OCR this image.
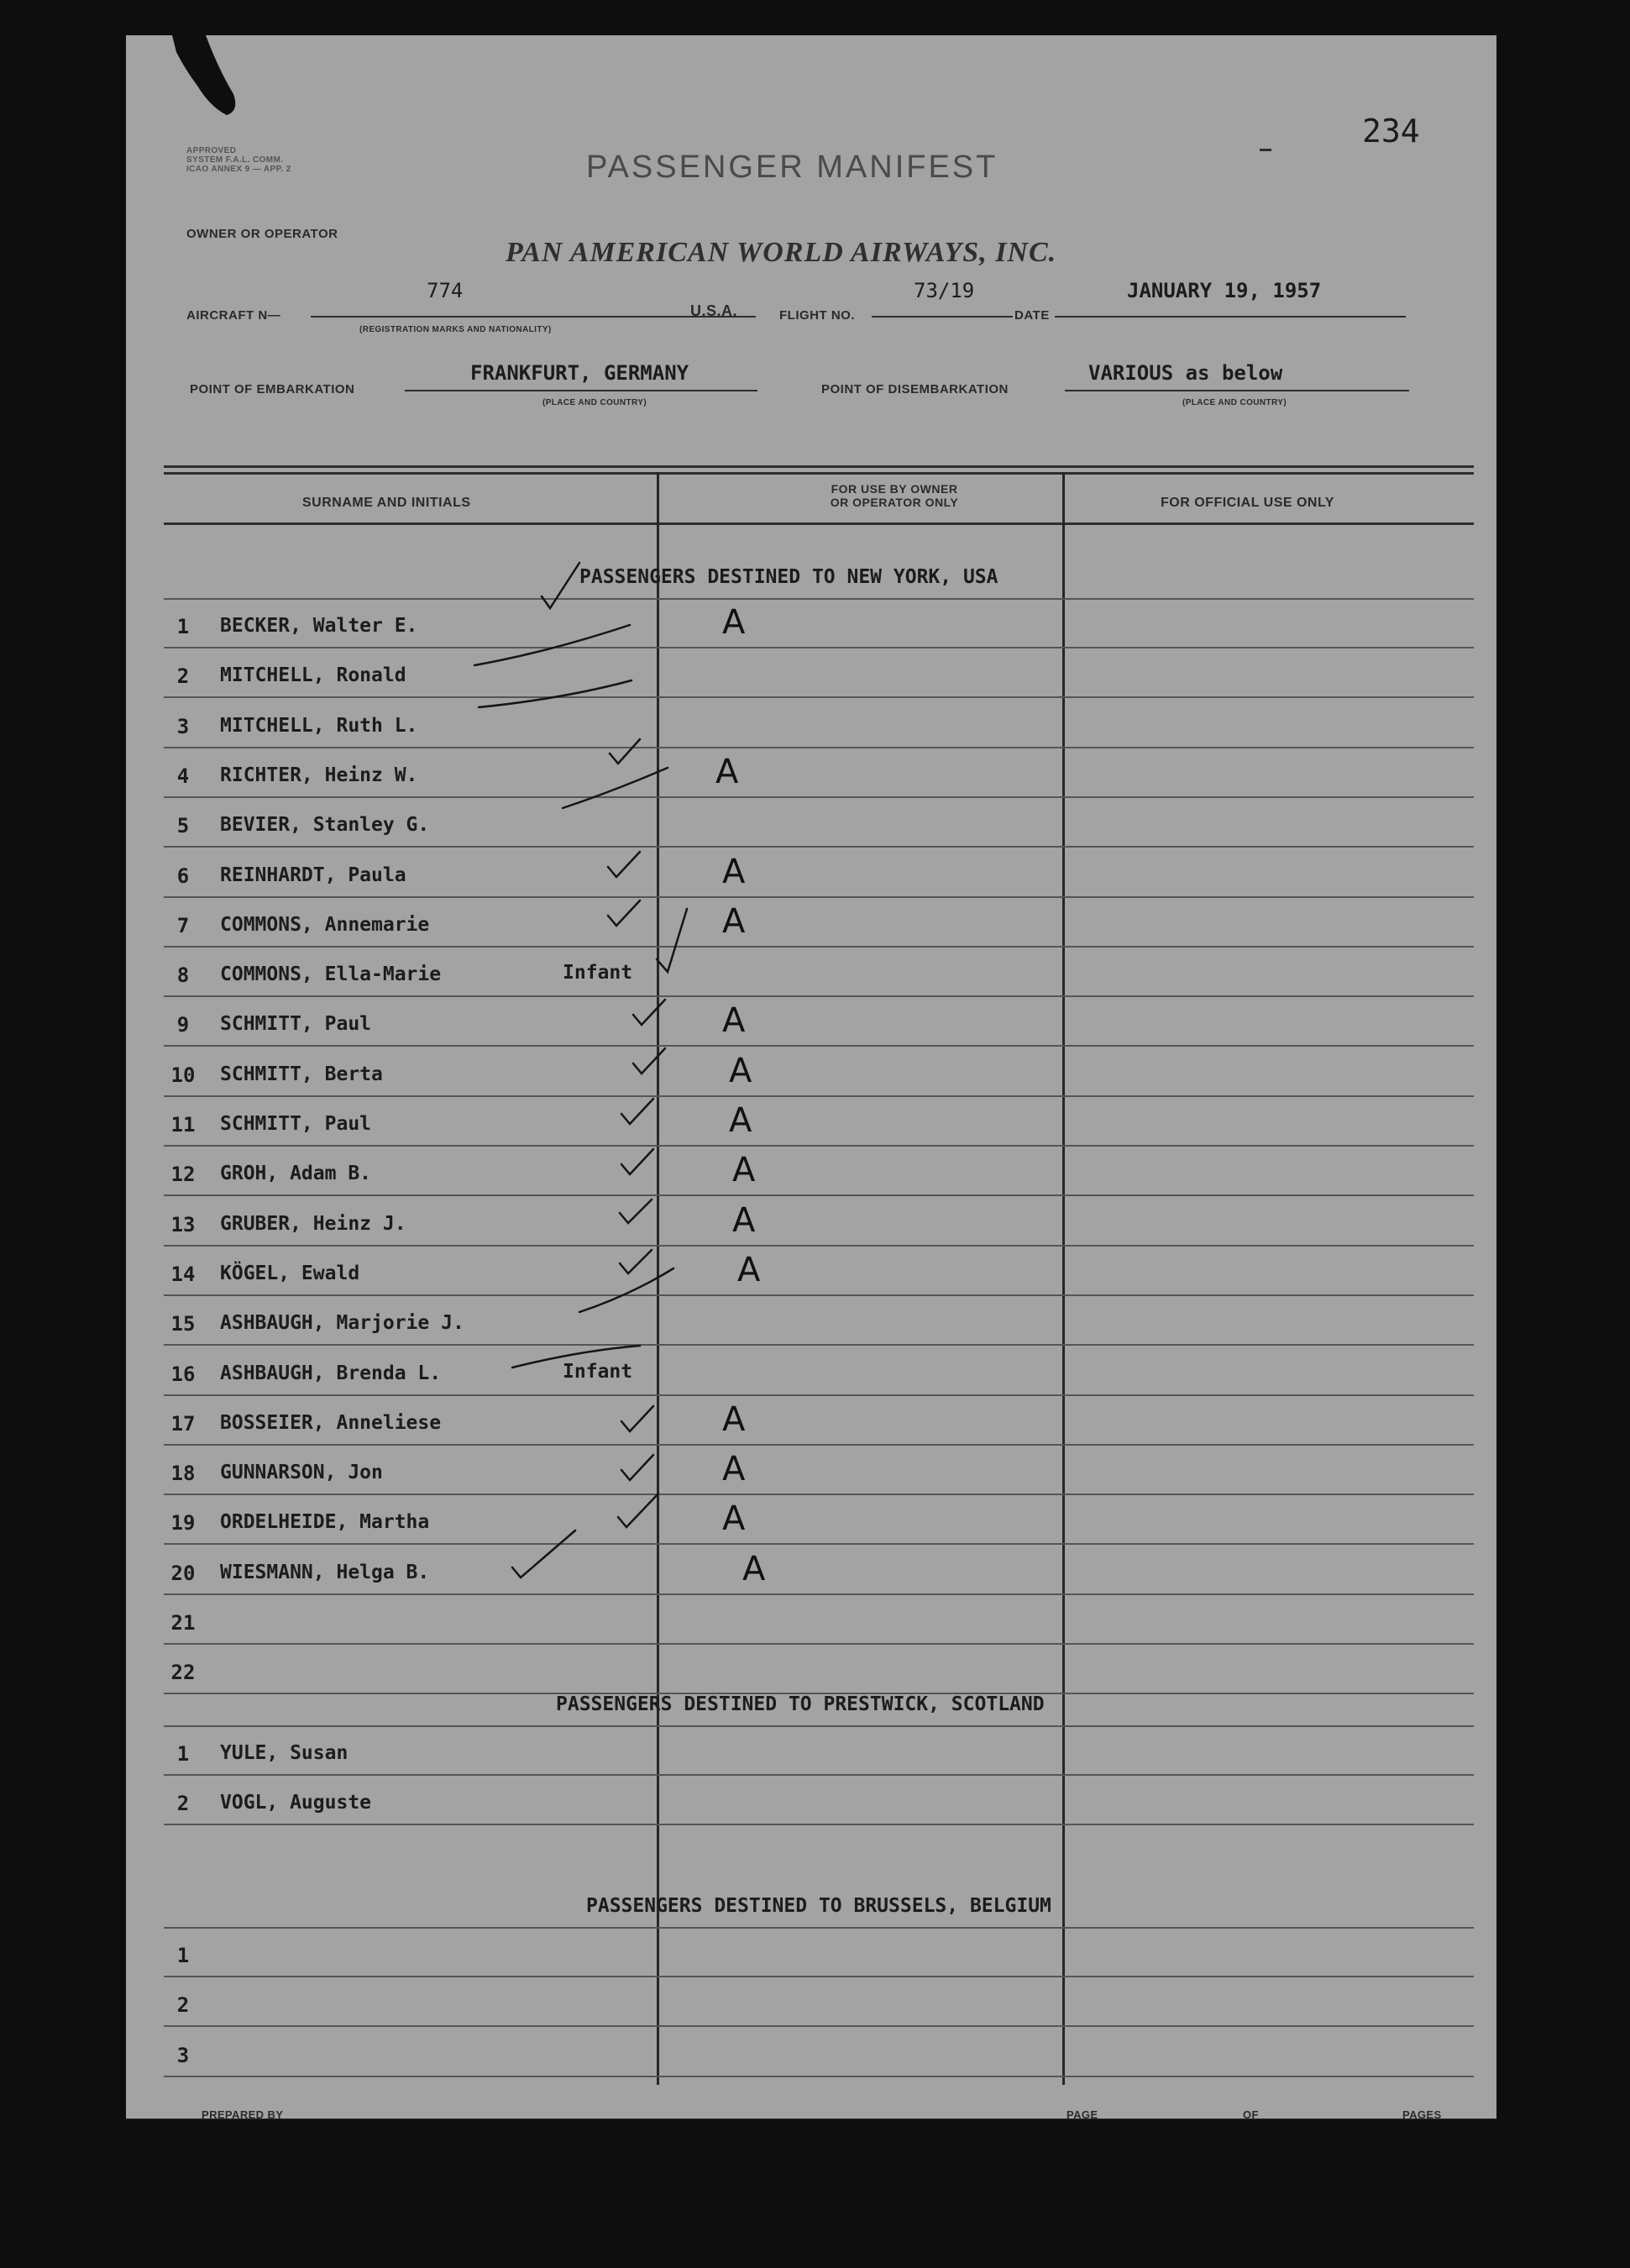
234
APPROVED
SYSTEM F.A.L. COMM.
ICAO ANNEX 9 — APP. 2	PASSENGER MANIFEST
OWNER OR OPERATOR
PAN AMERICAN WORLD AIRWAYS, INC.
AIRCRAFT N—
774
(REGISTRATION MARKS AND NATIONALITY)
U.S.A.	FLIGHT NO.
73/19
DATE
JANUARY 19, 1957
POINT OF EMBARKATION
FRANKFURT, GERMANY
(PLACE AND COUNTRY)
POINT OF DISEMBARKATION
VARIOUS as below
(PLACE AND COUNTRY)
SURNAME AND INITIALS
FOR USE BY OWNER
OR OPERATOR ONLY	FOR OFFICIAL USE ONLY
PASSENGERS DESTINED TO NEW YORK, USA
1	BECKER, Walter E.	A
2	MITCHELL, Ronald
3	MITCHELL, Ruth L.
4	RICHTER, Heinz W.	A
5	BEVIER, Stanley G.
6	REINHARDT, Paula	A
7	COMMONS, Annemarie	A
8	COMMONS, Ella-Marie	Infant
9	SCHMITT, Paul	A
10 SCHMITT, Berta	A
11 SCHMITT, Paul	A
12 GROH, Adam B.	A
13 GRUBER, Heinz J.	A
14 KÖGEL, Ewald	A
15 ASHBAUGH, Marjorie J.
16 ASHBAUGH, Brenda L.	Infant
17 BOSSEIER, Anneliese	A
18 GUNNARSON, Jon	A
19 ORDELHEIDE, Martha	A
20 WIESMANN, Helga B.	A
21
22
PASSENGERS DESTINED TO PRESTWICK, SCOTLAND
1	YULE, Susan
2	VOGL, Auguste
PASSENGERS DESTINED TO BRUSSELS, BELGIUM
1
2
3
PREPARED BY	PAGE	OF	PAGES
